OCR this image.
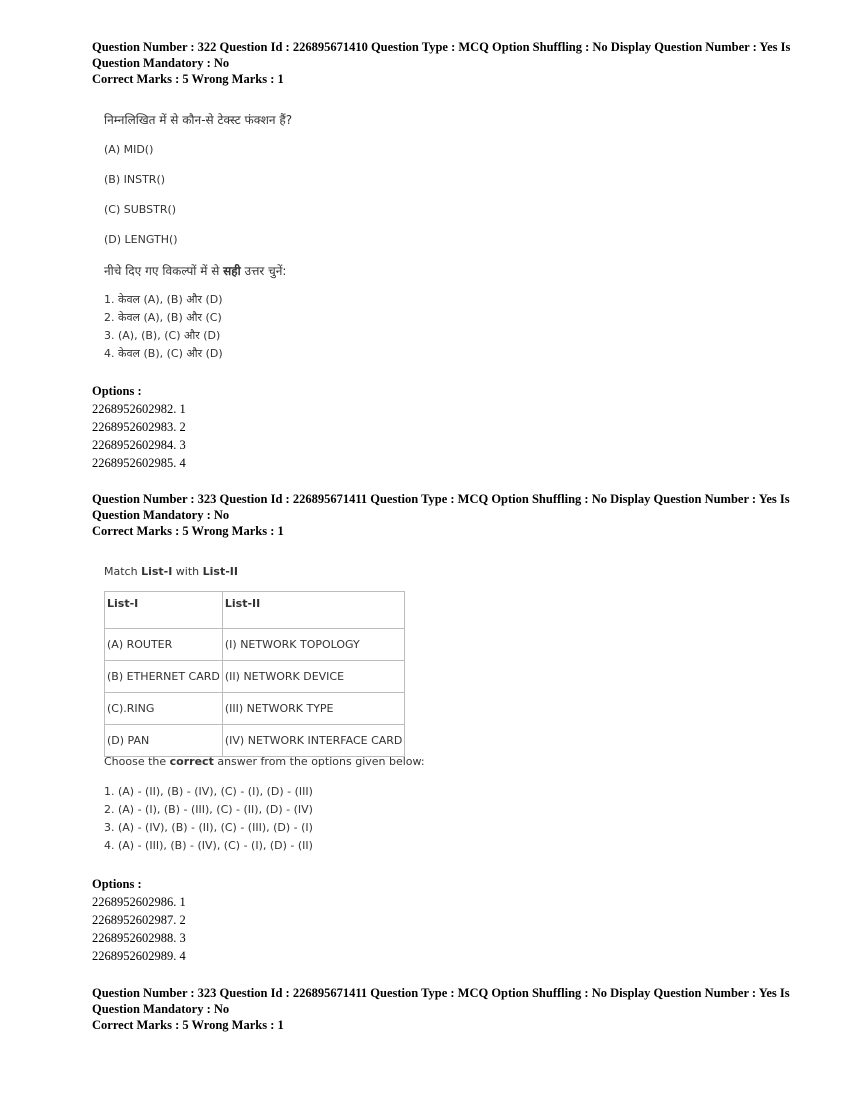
Question Number : 322 Question Id : 226895671410 Question Type : MCQ Option Shuffling : No Display Question Number : Yes Is
Question Mandatory : No
Correct Marks : 5 Wrong Marks : 1
निम्नलिखित में से कौन-से टेक्स्ट फंक्शन हैं?
(A) MID()
(B) INSTR()
(C) SUBSTR()
(D) LENGTH()
नीचे दिए गए विकल्पों में से सही उत्तर चुनें:
1. केवल (A), (B) और (D)
2. केवल (A), (B) और (C)
3. (A), (B), (C) और (D)
4. केवल (B), (C) और (D)
Options :
2268952602982. 1
2268952602983. 2
2268952602984. 3
2268952602985. 4
Question Number : 323 Question Id : 226895671411 Question Type : MCQ Option Shuffling : No Display Question Number : Yes Is
Question Mandatory : No
Correct Marks : 5 Wrong Marks : 1
Match List-I with List-II
List-I	List-II
(A) ROUTER	(I) NETWORK TOPOLOGY
(B) ETHERNET CARD	(II) NETWORK DEVICE
(C).RING	(III) NETWORK TYPE
(D) PAN	(IV) NETWORK INTERFACE CARD
Choose the correct answer from the options given below:
1. (A) - (II), (B) - (IV), (C) - (I), (D) - (III)
2. (A) - (I), (B) - (III), (C) - (II), (D) - (IV)
3. (A) - (IV), (B) - (II), (C) - (III), (D) - (I)
4. (A) - (III), (B) - (IV), (C) - (I), (D) - (II)
Options :
2268952602986. 1
2268952602987. 2
2268952602988. 3
2268952602989. 4
Question Number : 323 Question Id : 226895671411 Question Type : MCQ Option Shuffling : No Display Question Number : Yes Is
Question Mandatory : No
Correct Marks : 5 Wrong Marks : 1
